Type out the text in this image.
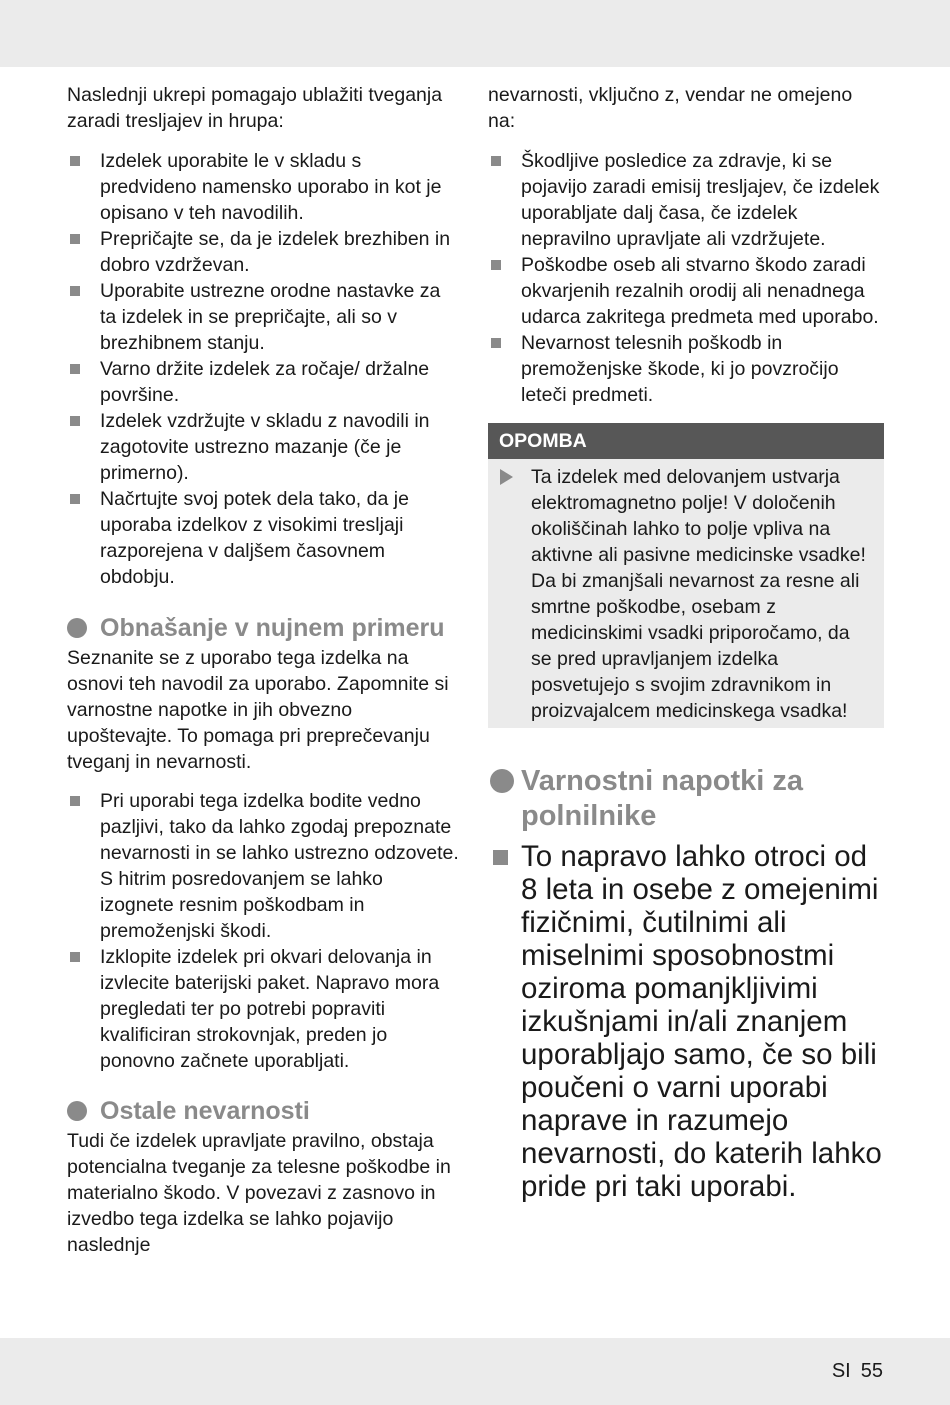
Naslednji ukrepi pomagajo ublažiti tveganja zaradi tresljajev in hrupa:

Izdelek uporabite le v skladu s predvideno namensko uporabo in kot je opisano v teh navodilih.
Prepričajte se, da je izdelek brezhiben in dobro vzdrževan.
Uporabite ustrezne orodne nastavke za ta izdelek in se prepričajte, ali so v brezhibnem stanju.
Varno držite izdelek za ročaje/ držalne površine.
Izdelek vzdržujte v skladu z navodili in zagotovite ustrezno mazanje (če je primerno).
Načrtujte svoj potek dela tako, da je uporaba izdelkov z visokimi tresljaji razporejena v daljšem časovnem obdobju.
Obnašanje v nujnem primeru

Seznanite se z uporabo tega izdelka na osnovi teh navodil za uporabo. Zapomnite si varnostne napotke in jih obvezno upoštevajte. To pomaga pri preprečevanju tveganj in nevarnosti.

Pri uporabi tega izdelka bodite vedno pazljivi, tako da lahko zgodaj prepoznate nevarnosti in se lahko ustrezno odzovete. S hitrim posredovanjem se lahko izognete resnim poškodbam in premoženjski škodi.
Izklopite izdelek pri okvari delovanja in izvlecite baterijski paket. Napravo mora pregledati ter po potrebi popraviti kvalificiran strokovnjak, preden jo ponovno začnete uporabljati.
Ostale nevarnosti

Tudi če izdelek upravljate pravilno, obstaja potencialna tveganje za telesne poškodbe in materialno škodo. V povezavi z zasnovo in izvedbo tega izdelka se lahko pojavijo naslednje

nevarnosti, vključno z, vendar ne omejeno na:

Škodljive posledice za zdravje, ki se pojavijo zaradi emisij tresljajev, če izdelek uporabljate dalj časa, če izdelek nepravilno upravljate ali vzdržujete.
Poškodbe oseb ali stvarno škodo zaradi okvarjenih rezalnih orodij ali nenadnega udarca zakritega predmeta med uporabo.
Nevarnost telesnih poškodb in premoženjske škode, ki jo povzročijo leteči predmeti.
OPOMBA
Ta izdelek med delovanjem ustvarja elektromagnetno polje! V določenih okoliščinah lahko to polje vpliva na aktivne ali pasivne medicinske vsadke! Da bi zmanjšali nevarnost za resne ali smrtne poškodbe, osebam z medicinskimi vsadki priporočamo, da se pred upravljanjem izdelka posvetujejo s svojim zdravnikom in proizvajalcem medicinskega vsadka!
Varnostni napotki za polnilnike
To napravo lahko otroci od 8 leta in osebe z omejenimi fizičnimi, čutilnimi ali miselnimi sposobnostmi oziroma pomanjkljivimi izkušnjami in/ali znanjem uporabljajo samo, če so bili poučeni o varni uporabi naprave in razumejo nevarnosti, do katerih lahko pride pri taki uporabi.
SI 55
